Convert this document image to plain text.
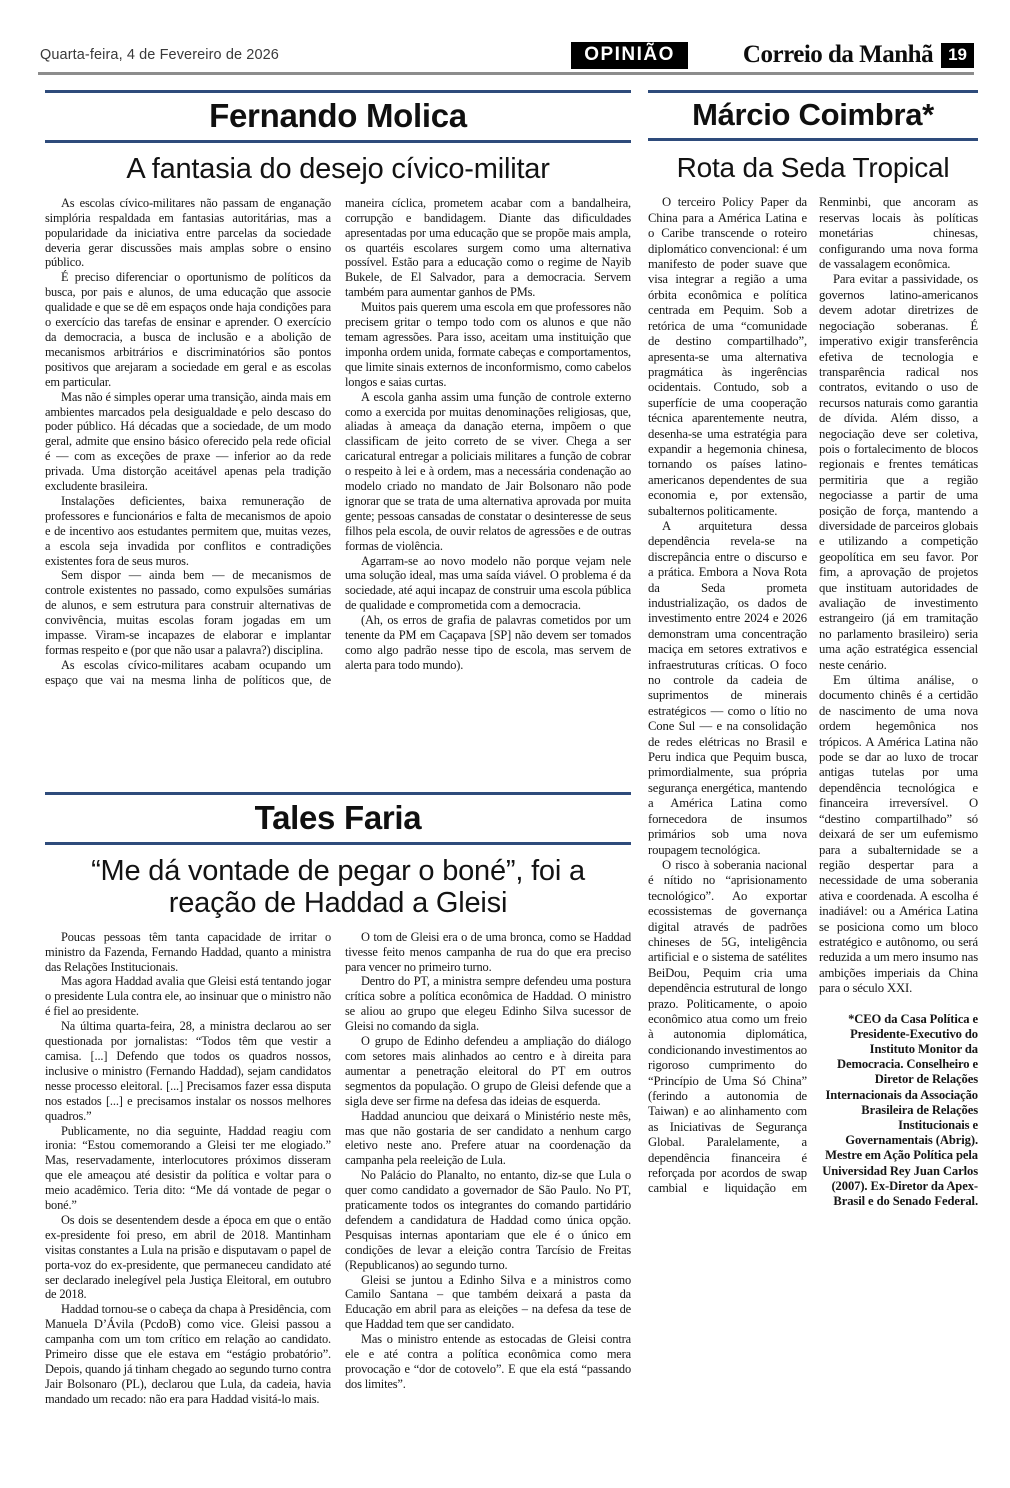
Quarta-feira, 4 de Fevereiro de 2026	OPINIÃO	Correio da Manhã 19
Fernando Molica
A fantasia do desejo cívico-militar

As escolas cívico-militares não passam de enganação simplória respaldada em fantasias autoritárias, mas a popularidade da iniciativa entre parcelas da sociedade deveria gerar discussões mais amplas sobre o ensino público.

É preciso diferenciar o oportunismo de políticos da busca, por pais e alunos, de uma educação que associe qualidade e que se dê em espaços onde haja condições para o exercício das tarefas de ensinar e aprender. O exercício da democracia, a busca de inclusão e a abolição de mecanismos arbitrários e discriminatórios são pontos positivos que arejaram a sociedade em geral e as escolas em particular.

Mas não é simples operar uma transição, ainda mais em ambientes marcados pela desigualdade e pelo descaso do poder público. Há décadas que a sociedade, de um modo geral, admite que ensino básico oferecido pela rede oficial é — com as exceções de praxe — inferior ao da rede privada. Uma distorção aceitável apenas pela tradição excludente brasileira.

Instalações deficientes, baixa remuneração de professores e funcionários e falta de mecanismos de apoio e de incentivo aos estudantes permitem que, muitas vezes, a escola seja invadida por conflitos e contradições existentes fora de seus muros.

Sem dispor — ainda bem — de mecanismos de controle existentes no passado, como expulsões sumárias de alunos, e sem estrutura para construir alternativas de convivência, muitas escolas foram jogadas em um impasse. Viram-se incapazes de elaborar e implantar formas respeito e (por que não usar a palavra?) disciplina.

As escolas cívico-militares acabam ocupando um espaço que vai na mesma linha de políticos que, de maneira cíclica, prometem acabar com a bandalheira, corrupção e bandidagem. Diante das dificuldades apresentadas por uma educação que se propõe mais ampla, os quartéis escolares surgem como uma alternativa possível. Estão para a educação como o regime de Nayib Bukele, de El Salvador, para a democracia. Servem também para aumentar ganhos de PMs.

Muitos pais querem uma escola em que professores não precisem gritar o tempo todo com os alunos e que não temam agressões. Para isso, aceitam uma instituição que imponha ordem unida, formate cabeças e comportamentos, que limite sinais externos de inconformismo, como cabelos longos e saias curtas.

A escola ganha assim uma função de controle externo como a exercida por muitas denominações religiosas, que, aliadas à ameaça da danação eterna, impõem o que classificam de jeito correto de se viver. Chega a ser caricatural entregar a policiais militares a função de cobrar o respeito à lei e à ordem, mas a necessária condenação ao modelo criado no mandato de Jair Bolsonaro não pode ignorar que se trata de uma alternativa aprovada por muita gente; pessoas cansadas de constatar o desinteresse de seus filhos pela escola, de ouvir relatos de agressões e de outras formas de violência.

Agarram-se ao novo modelo não porque vejam nele uma solução ideal, mas uma saída viável. O problema é da sociedade, até aqui incapaz de construir uma escola pública de qualidade e comprometida com a democracia.

(Ah, os erros de grafia de palavras cometidos por um tenente da PM em Caçapava [SP] não devem ser tomados como algo padrão nesse tipo de escola, mas servem de alerta para todo mundo).

Márcio Coimbra*
Rota da Seda Tropical

O terceiro Policy Paper da China para a América Latina e o Caribe transcende o roteiro diplomático convencional: é um manifesto de poder suave que visa integrar a região a uma órbita econômica e política centrada em Pequim. Sob a retórica de uma “comunidade de destino compartilhado”, apresenta-se uma alternativa pragmática às ingerências ocidentais. Contudo, sob a superfície de uma cooperação técnica aparentemente neutra, desenha-se uma estratégia para expandir a hegemonia chinesa, tornando os países latino-americanos dependentes de sua economia e, por extensão, subalternos politicamente.

A arquitetura dessa dependência revela-se na discrepância entre o discurso e a prática. Embora a Nova Rota da Seda prometa industrialização, os dados de investimento entre 2024 e 2026 demonstram uma concentração maciça em setores extrativos e infraestruturas críticas. O foco no controle da cadeia de suprimentos de minerais estratégicos — como o lítio no Cone Sul — e na consolidação de redes elétricas no Brasil e Peru indica que Pequim busca, primordialmente, sua própria segurança energética, mantendo a América Latina como fornecedora de insumos primários sob uma nova roupagem tecnológica.

O risco à soberania nacional é nítido no “aprisionamento tecnológico”. Ao exportar ecossistemas de governança digital através de padrões chineses de 5G, inteligência artificial e o sistema de satélites BeiDou, Pequim cria uma dependência estrutural de longo prazo. Politicamente, o apoio econômico atua como um freio à autonomia diplomática, condicionando investimentos ao rigoroso cumprimento do “Princípio de Uma Só China” (ferindo a autonomia de Taiwan) e ao alinhamento com as Iniciativas de Segurança Global. Paralelamente, a dependência financeira é reforçada por acordos de swap cambial e liquidação em Renminbi, que ancoram as reservas locais às políticas monetárias chinesas, configurando uma nova forma de vassalagem econômica.

Para evitar a passividade, os governos latino-americanos devem adotar diretrizes de negociação soberanas. É imperativo exigir transferência efetiva de tecnologia e transparência radical nos contratos, evitando o uso de recursos naturais como garantia de dívida. Além disso, a negociação deve ser coletiva, pois o fortalecimento de blocos regionais e frentes temáticas permitiria que a região negociasse a partir de uma posição de força, mantendo a diversidade de parceiros globais e utilizando a competição geopolítica em seu favor. Por fim, a aprovação de projetos que instituam autoridades de avaliação de investimento estrangeiro (já em tramitação no parlamento brasileiro) seria uma ação estratégica essencial neste cenário.

Em última análise, o documento chinês é a certidão de nascimento de uma nova ordem hegemônica nos trópicos. A América Latina não pode se dar ao luxo de trocar antigas tutelas por uma dependência tecnológica e financeira irreversível. O “destino compartilhado” só deixará de ser um eufemismo para a subalternidade se a região despertar para a necessidade de uma soberania ativa e coordenada. A escolha é inadiável: ou a América Latina se posiciona como um bloco estratégico e autônomo, ou será reduzida a um mero insumo nas ambições imperiais da China para o século XXI.

*CEO da Casa Política e Presidente-Executivo do Instituto Monitor da Democracia. Conselheiro e Diretor de Relações Internacionais da Associação Brasileira de Relações Institucionais e Governamentais (Abrig). Mestre em Ação Política pela Universidad Rey Juan Carlos (2007). Ex-Diretor da Apex-Brasil e do Senado Federal.

Tales Faria
“Me dá vontade de pegar o boné”, foi a reação de Haddad a Gleisi

Poucas pessoas têm tanta capacidade de irritar o ministro da Fazenda, Fernando Haddad, quanto a ministra das Relações Institucionais.

Mas agora Haddad avalia que Gleisi está tentando jogar o presidente Lula contra ele, ao insinuar que o ministro não é fiel ao presidente.

Na última quarta-feira, 28, a ministra declarou ao ser questionada por jornalistas: “Todos têm que vestir a camisa. [...] Defendo que todos os quadros nossos, inclusive o ministro (Fernando Haddad), sejam candidatos nesse processo eleitoral. [...] Precisamos fazer essa disputa nos estados [...] e precisamos instalar os nossos melhores quadros.”

Publicamente, no dia seguinte, Haddad reagiu com ironia: “Estou comemorando a Gleisi ter me elogiado.” Mas, reservadamente, interlocutores próximos disseram que ele ameaçou até desistir da política e voltar para o meio acadêmico. Teria dito: “Me dá vontade de pegar o boné.”

Os dois se desentendem desde a época em que o então ex-presidente foi preso, em abril de 2018. Mantinham visitas constantes a Lula na prisão e disputavam o papel de porta-voz do ex-presidente, que permaneceu candidato até ser declarado inelegível pela Justiça Eleitoral, em outubro de 2018.

Haddad tornou-se o cabeça da chapa à Presidência, com Manuela D’Ávila (PcdoB) como vice. Gleisi passou a campanha com um tom crítico em relação ao candidato. Primeiro disse que ele estava em “estágio probatório”. Depois, quando já tinham chegado ao segundo turno contra Jair Bolsonaro (PL), declarou que Lula, da cadeia, havia mandado um recado: não era para Haddad visitá-lo mais.

O tom de Gleisi era o de uma bronca, como se Haddad tivesse feito menos campanha de rua do que era preciso para vencer no primeiro turno.

Dentro do PT, a ministra sempre defendeu uma postura crítica sobre a política econômica de Haddad. O ministro se aliou ao grupo que elegeu Edinho Silva sucessor de Gleisi no comando da sigla.

O grupo de Edinho defendeu a ampliação do diálogo com setores mais alinhados ao centro e à direita para aumentar a penetração eleitoral do PT em outros segmentos da população. O grupo de Gleisi defende que a sigla deve ser firme na defesa das ideias de esquerda.

Haddad anunciou que deixará o Ministério neste mês, mas que não gostaria de ser candidato a nenhum cargo eletivo neste ano. Prefere atuar na coordenação da campanha pela reeleição de Lula.

No Palácio do Planalto, no entanto, diz-se que Lula o quer como candidato a governador de São Paulo. No PT, praticamente todos os integrantes do comando partidário defendem a candidatura de Haddad como única opção. Pesquisas internas apontariam que ele é o único em condições de levar a eleição contra Tarcísio de Freitas (Republicanos) ao segundo turno.

Gleisi se juntou a Edinho Silva e a ministros como Camilo Santana – que também deixará a pasta da Educação em abril para as eleições – na defesa da tese de que Haddad tem que ser candidato.

Mas o ministro entende as estocadas de Gleisi contra ele e até contra a política econômica como mera provocação e “dor de cotovelo”. E que ela está “passando dos limites”.
